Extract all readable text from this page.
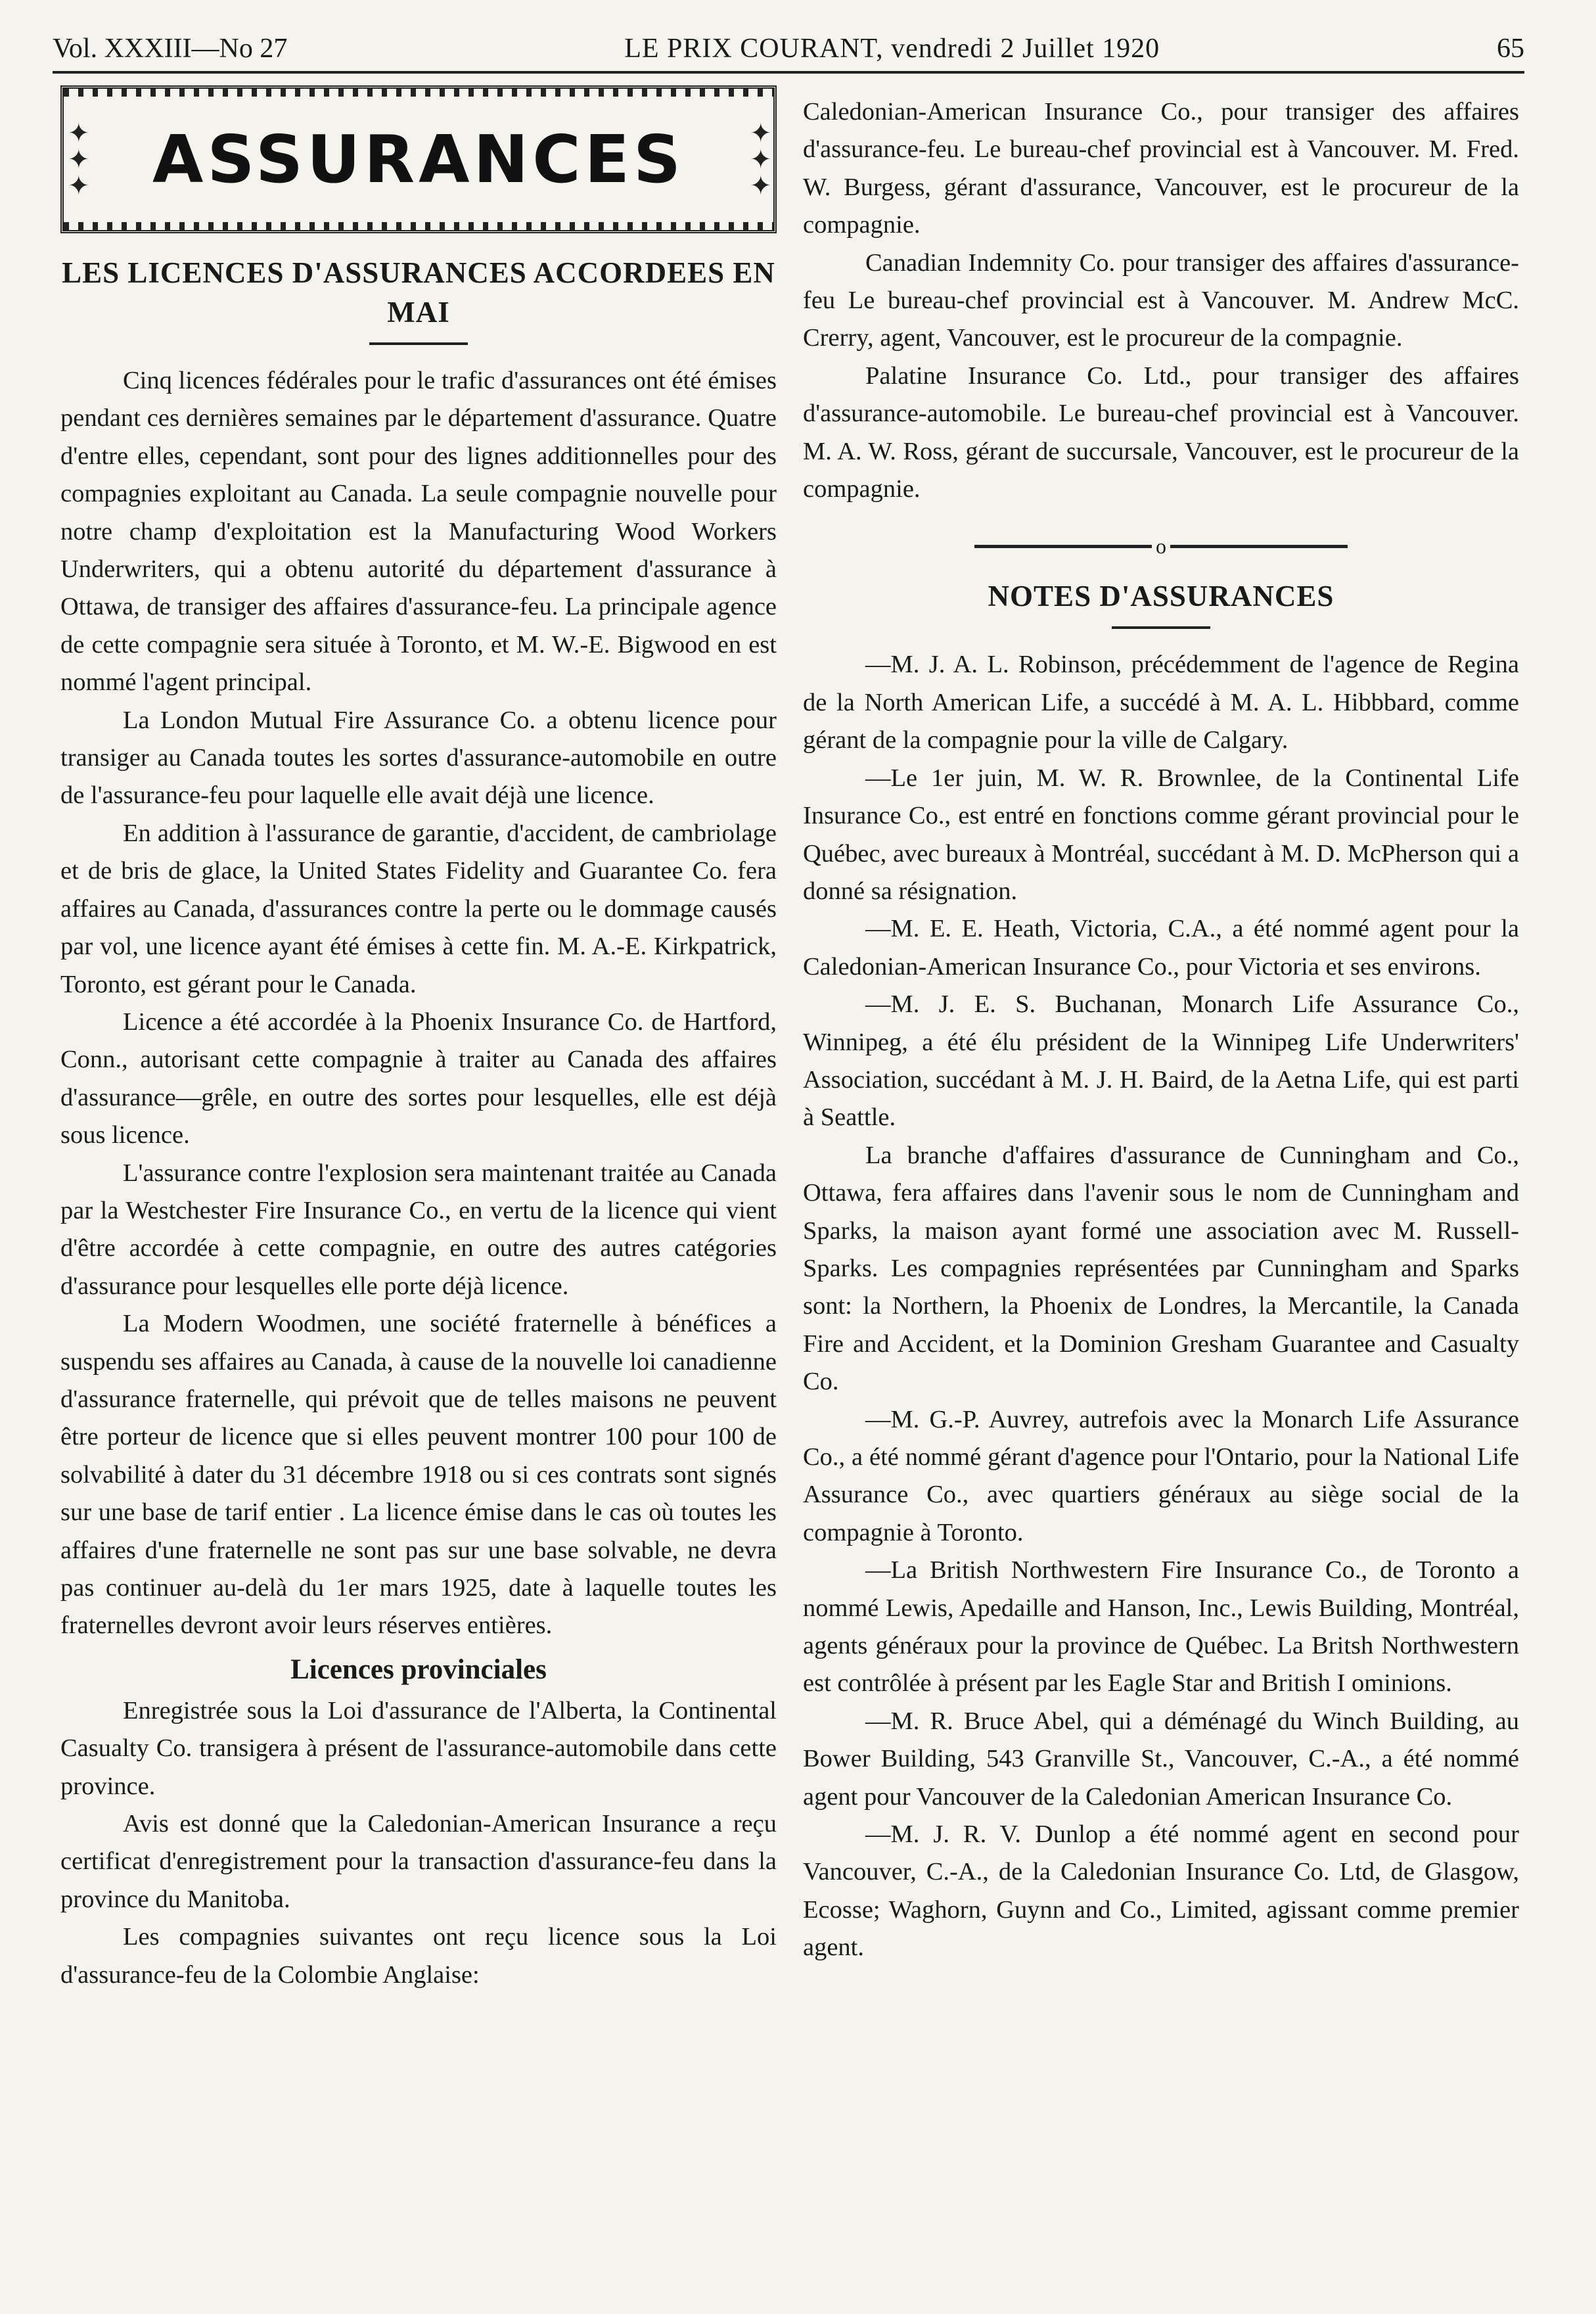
Vol. XXXIII—No 27	LE PRIX COURANT, vendredi 2 Juillet 1920	65
✦
✦
✦ ASSURANCES ✦
✦
✦
LES LICENCES D'ASSURANCES ACCORDEES EN MAI

Cinq licences fédérales pour le trafic d'assurances ont été émises pendant ces dernières semaines par le département d'assurance. Quatre d'entre elles, cependant, sont pour des lignes additionnelles pour des compagnies exploitant au Canada. La seule compagnie nouvelle pour notre champ d'exploitation est la Manufacturing Wood Workers Underwriters, qui a obtenu autorité du département d'assurance à Ottawa, de transiger des affaires d'assurance-feu. La principale agence de cette compagnie sera située à Toronto, et M. W.-E. Bigwood en est nommé l'agent principal.

La London Mutual Fire Assurance Co. a obtenu licence pour transiger au Canada toutes les sortes d'assurance-automobile en outre de l'assurance-feu pour laquelle elle avait déjà une licence.

En addition à l'assurance de garantie, d'accident, de cambriolage et de bris de glace, la United States Fidelity and Guarantee Co. fera affaires au Canada, d'assurances contre la perte ou le dommage causés par vol, une licence ayant été émises à cette fin. M. A.-E. Kirkpatrick, Toronto, est gérant pour le Canada.

Licence a été accordée à la Phoenix Insurance Co. de Hartford, Conn., autorisant cette compagnie à traiter au Canada des affaires d'assurance—grêle, en outre des sortes pour lesquelles, elle est déjà sous licence.

L'assurance contre l'explosion sera maintenant traitée au Canada par la Westchester Fire Insurance Co., en vertu de la licence qui vient d'être accordée à cette compagnie, en outre des autres catégories d'assurance pour lesquelles elle porte déjà licence.

La Modern Woodmen, une société fraternelle à bénéfices a suspendu ses affaires au Canada, à cause de la nouvelle loi canadienne d'assurance fraternelle, qui prévoit que de telles maisons ne peuvent être porteur de licence que si elles peuvent montrer 100 pour 100 de solvabilité à dater du 31 décembre 1918 ou si ces contrats sont signés sur une base de tarif entier . La licence émise dans le cas où toutes les affaires d'une fraternelle ne sont pas sur une base solvable, ne devra pas continuer au-delà du 1er mars 1925, date à laquelle toutes les fraternelles devront avoir leurs réserves entières.

Licences provinciales

Enregistrée sous la Loi d'assurance de l'Alberta, la Continental Casualty Co. transigera à présent de l'assurance-automobile dans cette province.

Avis est donné que la Caledonian-American Insurance a reçu certificat d'enregistrement pour la transaction d'assurance-feu dans la province du Manitoba.

Les compagnies suivantes ont reçu licence sous la Loi d'assurance-feu de la Colombie Anglaise:

Caledonian-American Insurance Co., pour transiger des affaires d'assurance-feu. Le bureau-chef provincial est à Vancouver. M. Fred. W. Burgess, gérant d'assurance, Vancouver, est le procureur de la compagnie.

Canadian Indemnity Co. pour transiger des affaires d'assurance-feu Le bureau-chef provincial est à Vancouver. M. Andrew McC. Crerry, agent, Vancouver, est le procureur de la compagnie.

Palatine Insurance Co. Ltd., pour transiger des affaires d'assurance-automobile. Le bureau-chef provincial est à Vancouver. M. A. W. Ross, gérant de succursale, Vancouver, est le procureur de la compagnie.

o
NOTES D'ASSURANCES

—M. J. A. L. Robinson, précédemment de l'agence de Regina de la North American Life, a succédé à M. A. L. Hibbbard, comme gérant de la compagnie pour la ville de Calgary.

—Le 1er juin, M. W. R. Brownlee, de la Continental Life Insurance Co., est entré en fonctions comme gérant provincial pour le Québec, avec bureaux à Montréal, succédant à M. D. McPherson qui a donné sa résignation.

—M. E. E. Heath, Victoria, C.A., a été nommé agent pour la Caledonian-American Insurance Co., pour Victoria et ses environs.

—M. J. E. S. Buchanan, Monarch Life Assurance Co., Winnipeg, a été élu président de la Winnipeg Life Underwriters' Association, succédant à M. J. H. Baird, de la Aetna Life, qui est parti à Seattle.

La branche d'affaires d'assurance de Cunningham and Co., Ottawa, fera affaires dans l'avenir sous le nom de Cunningham and Sparks, la maison ayant formé une association avec M. Russell-Sparks. Les compagnies représentées par Cunningham and Sparks sont: la Northern, la Phoenix de Londres, la Mercantile, la Canada Fire and Accident, et la Dominion Gresham Guarantee and Casualty Co.

—M. G.-P. Auvrey, autrefois avec la Monarch Life Assurance Co., a été nommé gérant d'agence pour l'Ontario, pour la National Life Assurance Co., avec quartiers généraux au siège social de la compagnie à Toronto.

—La British Northwestern Fire Insurance Co., de Toronto a nommé Lewis, Apedaille and Hanson, Inc., Lewis Building, Montréal, agents généraux pour la province de Québec. La Britsh Northwestern est contrôlée à présent par les Eagle Star and British I ominions.

—M. R. Bruce Abel, qui a déménagé du Winch Building, au Bower Building, 543 Granville St., Vancouver, C.-A., a été nommé agent pour Vancouver de la Caledonian American Insurance Co.

—M. J. R. V. Dunlop a été nommé agent en second pour Vancouver, C.-A., de la Caledonian Insurance Co. Ltd, de Glasgow, Ecosse; Waghorn, Guynn and Co., Limited, agissant comme premier agent.
